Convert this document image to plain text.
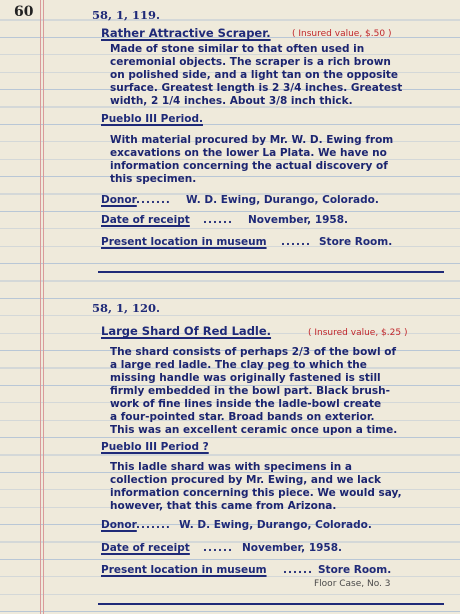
60	58, 1, 119.
Rather Attractive Scraper. ( Insured value, $.50 )
Made of stone similar to that often used in
ceremonial objects. The scraper is a rich brown
on polished side, and a light tan on the opposite
surface. Greatest length is 2 3/4 inches. Greatest
width, 2 1/4 inches. About 3/8 inch thick.
Pueblo III Period.
With material procured by Mr. W. D. Ewing from
excavations on the lower La Plata. We have no
information concerning the actual discovery of
this specimen.
Donor ....... W. D. Ewing, Durango, Colorado.
Date of receipt ...... November, 1958.
Present location in museum ...... Store Room.
58, 1, 120.
Large Shard Of Red Ladle.	( Insured value, $.25 )
The shard consists of perhaps 2/3 of the bowl of
a large red ladle. The clay peg to which the
missing handle was originally fastened is still
firmly embedded in the bowl part. Black brush-
work of fine lines inside the ladle-bowl create
a four-pointed star. Broad bands on exterior.
This was an excellent ceramic once upon a time.
Pueblo III Period ?
This ladle shard was with specimens in a
collection procured by Mr. Ewing, and we lack
information concerning this piece. We would say,
however, that this came from Arizona.
Donor ....... W. D. Ewing, Durango, Colorado.
Date of receipt ...... November, 1958.
Present location in museum ...... Store Room.
Floor Case, No. 3
